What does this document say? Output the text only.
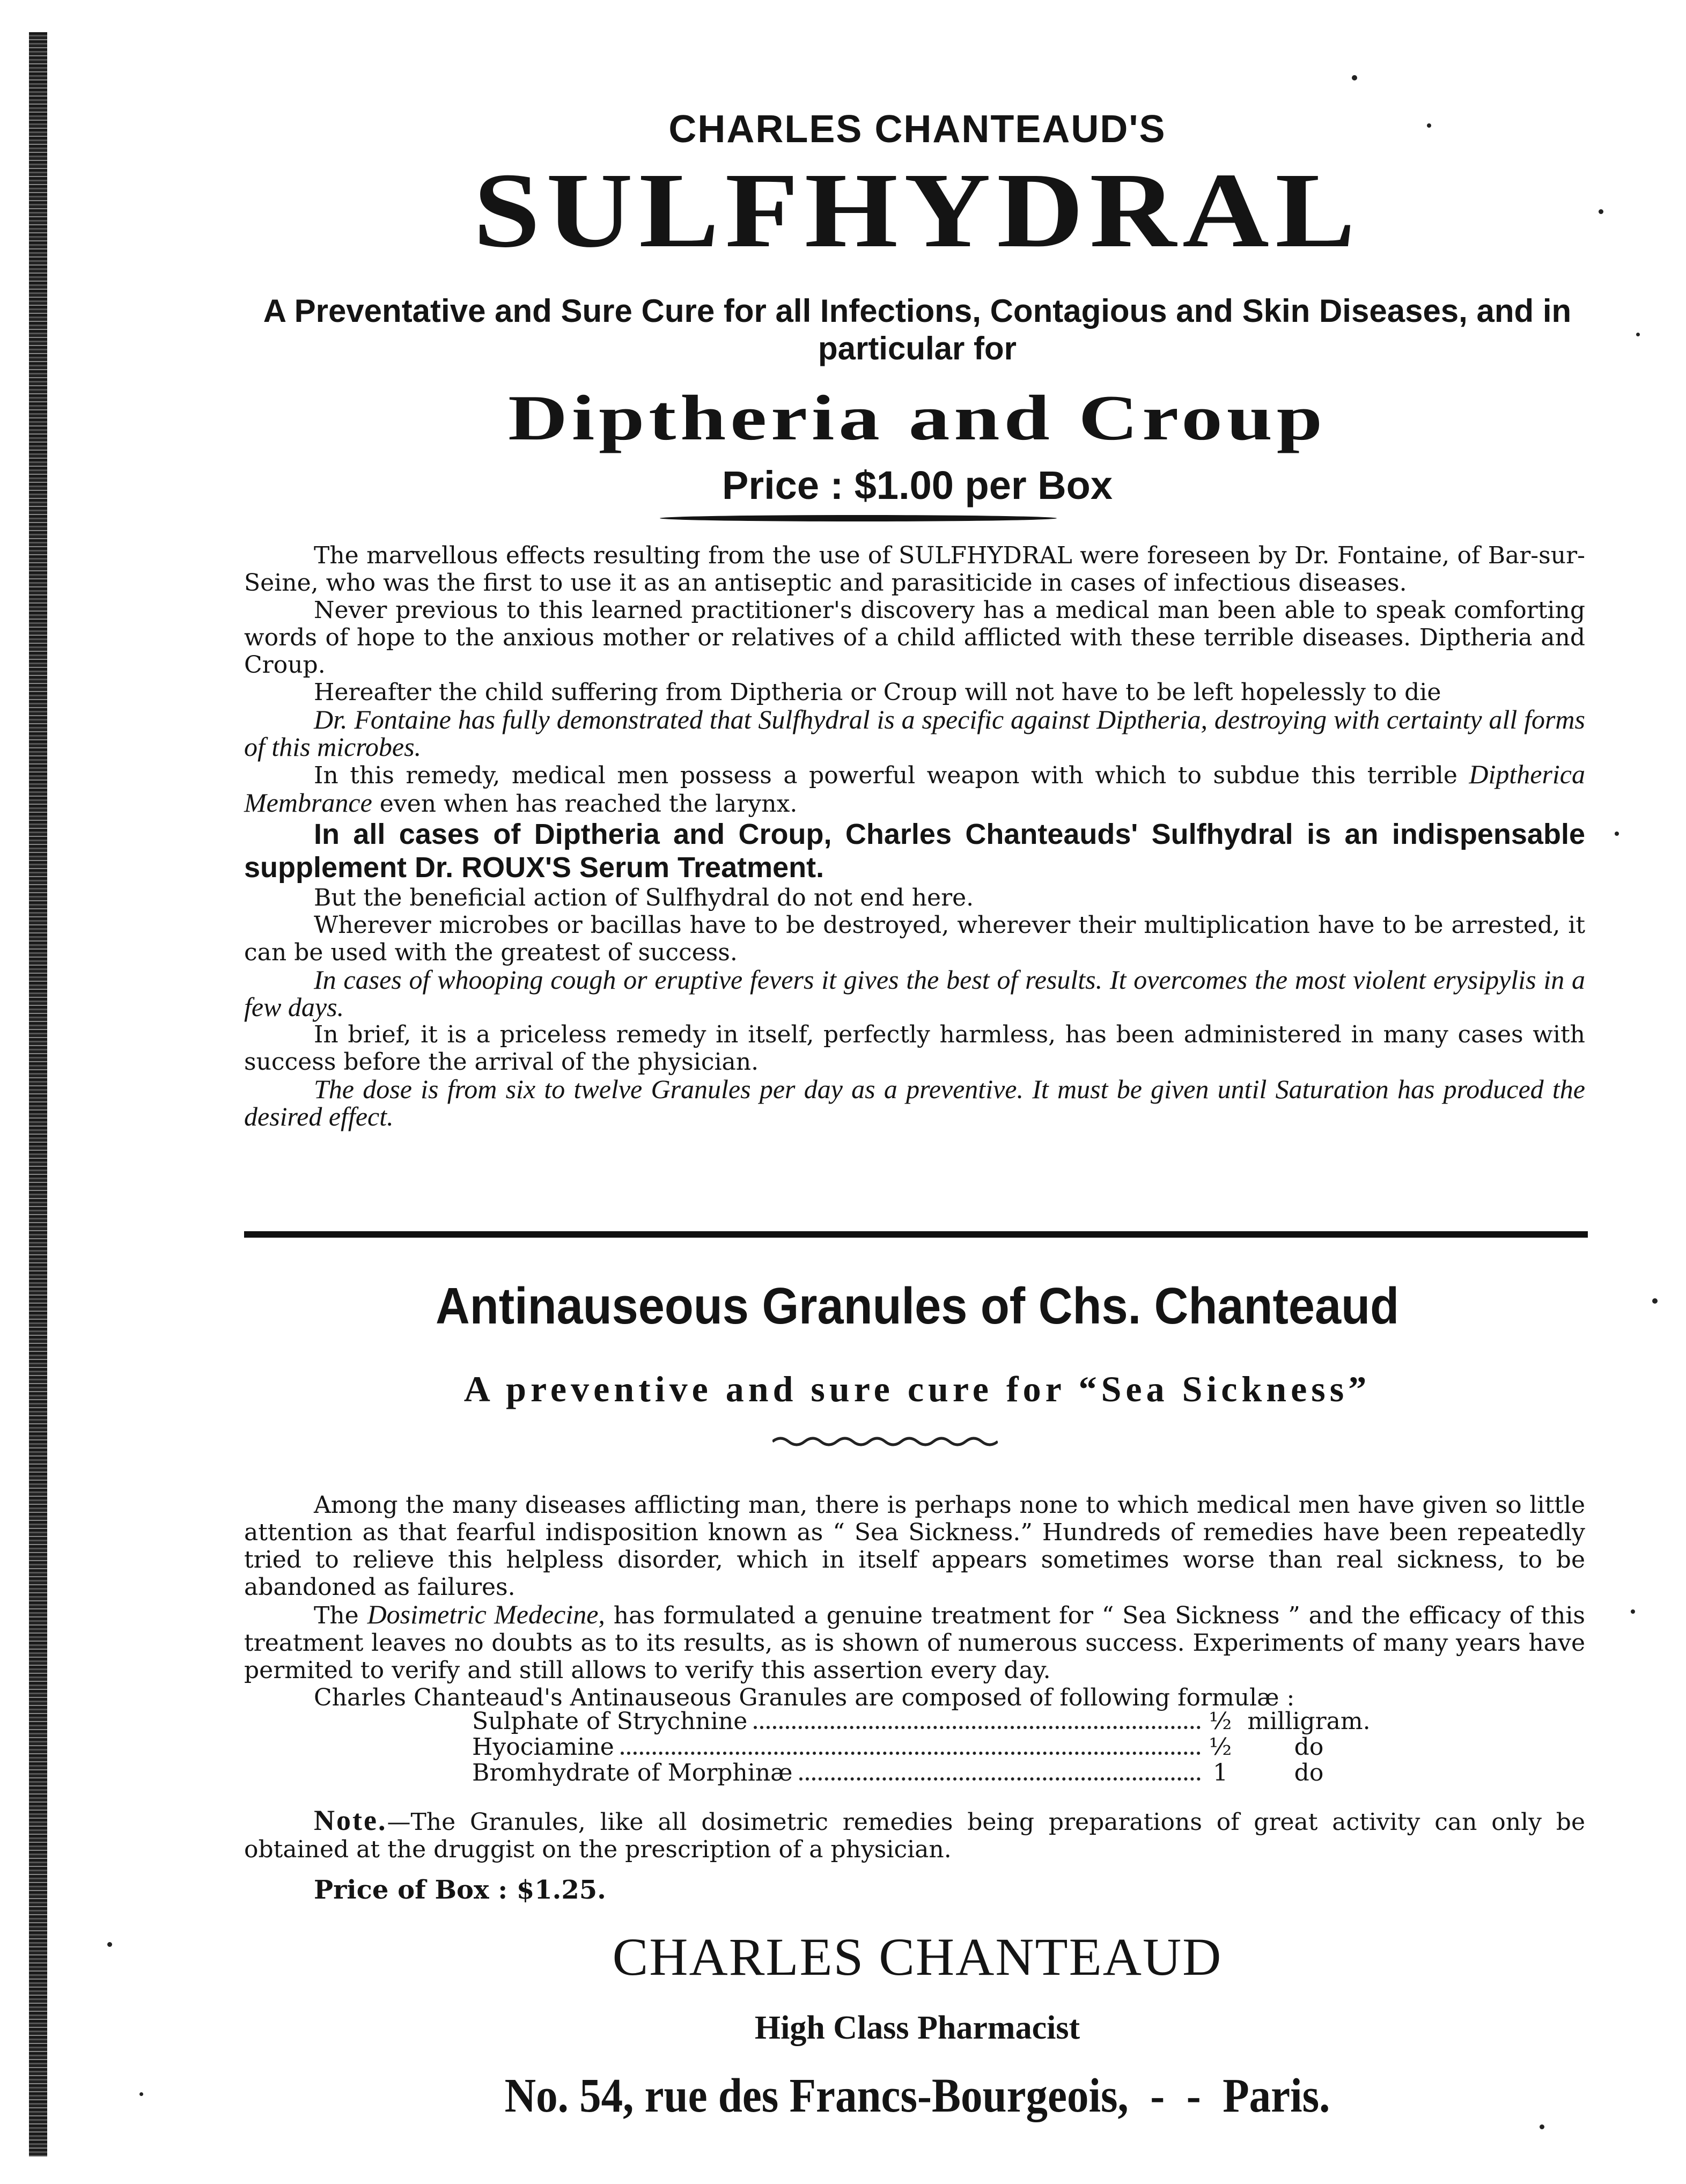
CHARLES CHANTEAUD'S
SULFHYDRAL
A Preventative and Sure Cure for all Infections, Contagious and Skin Diseases, and in particular for
Diptheria and Croup
Price : $1.00 per Box

The marvellous effects resulting from the use of SULFHYDRAL were foreseen by Dr. Fontaine, of Bar-sur-Seine, who was the first to use it as an antiseptic and parasiticide in cases of infectious diseases.

Never previous to this learned practitioner's discovery has a medical man been able to speak comforting words of hope to the anxious mother or relatives of a child afflicted with these terrible diseases. Diptheria and Croup.

Hereafter the child suffering from Diptheria or Croup will not have to be left hopelessly to die

Dr. Fontaine has fully demonstrated that Sulfhydral is a specific against Diptheria, destroying with certainty all forms of this microbes.

In this remedy, medical men possess a powerful weapon with which to subdue this terrible Diptherica Membrance even when has reached the larynx.

In all cases of Diptheria and Croup, Charles Chanteauds' Sulfhydral is an indispensable supplement Dr. ROUX'S Serum Treatment.

But the beneficial action of Sulfhydral do not end here.

Wherever microbes or bacillas have to be destroyed, wherever their multiplication have to be arrested, it can be used with the greatest of success.

In cases of whooping cough or eruptive fevers it gives the best of results. It overcomes the most violent erysipylis in a few days.

In brief, it is a priceless remedy in itself, perfectly harmless, has been administered in many cases with success before the arrival of the physician.

The dose is from six to twelve Granules per day as a preventive. It must be given until Saturation has produced the desired effect.

Antinauseous Granules of Chs. Chanteaud
A preventive and sure cure for “Sea Sickness”

Among the many diseases afflicting man, there is perhaps none to which medical men have given so little attention as that fearful indisposition known as “ Sea Sickness.” Hundreds of remedies have been repeatedly tried to relieve this helpless disorder, which in itself appears sometimes worse than real sickness, to be abandoned as failures.

The Dosimetric Medecine, has formulated a genuine treatment for “ Sea Sickness ” and the efficacy of this treatment leaves no doubts as to its results, as is shown of numerous success. Experiments of many years have permited to verify and still allows to verify this assertion every day.

Charles Chanteaud's Antinauseous Granules are composed of following formulæ :

Sulphate of Strychnine	½ milligram.
Hyociamine	½	do
Bromhydrate of Morphinæ	1	do
Note.—The Granules, like all dosimetric remedies being preparations of great activity can only be obtained at the druggist on the prescription of a physician.
Price of Box : $1.25.
CHARLES CHANTEAUD
High Class Pharmacist
No. 54, rue des Francs-Bourgeois,  -  -  Paris.
